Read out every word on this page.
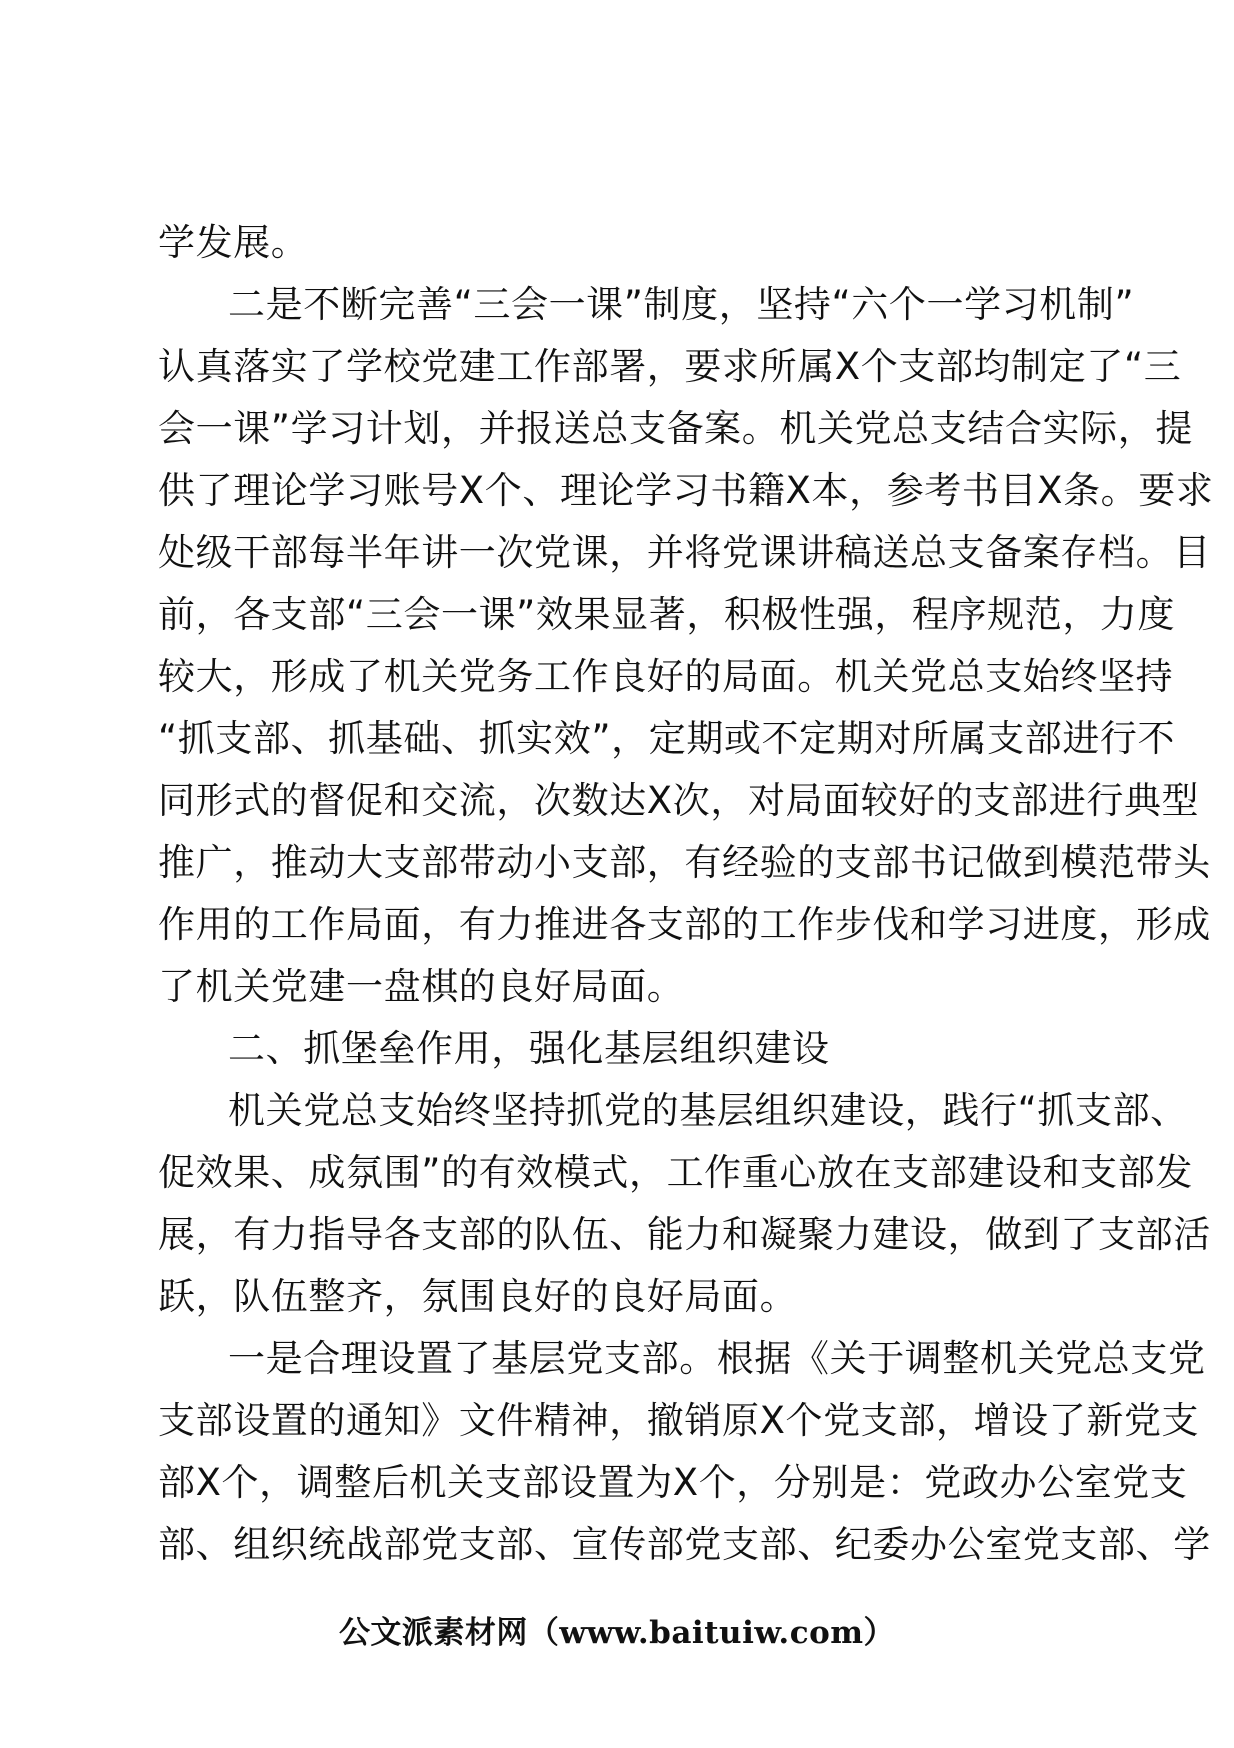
学发展。
二是不断完善“三会一课”制度，坚持“六个一学习机制”
认真落实了学校党建工作部署，要求所属X个支部均制定了“三
会一课”学习计划，并报送总支备案。机关党总支结合实际，提
供了理论学习账号X个、理论学习书籍X本，参考书目X条。要求
处级干部每半年讲一次党课，并将党课讲稿送总支备案存档。目
前，各支部“三会一课”效果显著，积极性强，程序规范，力度
较大，形成了机关党务工作良好的局面。机关党总支始终坚持
“抓支部、抓基础、抓实效”，定期或不定期对所属支部进行不
同形式的督促和交流，次数达X次，对局面较好的支部进行典型
推广，推动大支部带动小支部，有经验的支部书记做到模范带头
作用的工作局面，有力推进各支部的工作步伐和学习进度，形成
了机关党建一盘棋的良好局面。
二、抓堡垒作用，强化基层组织建设
机关党总支始终坚持抓党的基层组织建设，践行“抓支部、
促效果、成氛围”的有效模式，工作重心放在支部建设和支部发
展，有力指导各支部的队伍、能力和凝聚力建设，做到了支部活
跃，队伍整齐，氛围良好的良好局面。
一是合理设置了基层党支部。根据《关于调整机关党总支党
支部设置的通知》文件精神，撤销原X个党支部，增设了新党支
部X个，调整后机关支部设置为X个，分别是：党政办公室党支
部、组织统战部党支部、宣传部党支部、纪委办公室党支部、学
公文派素材网（www.baituiw.com）
